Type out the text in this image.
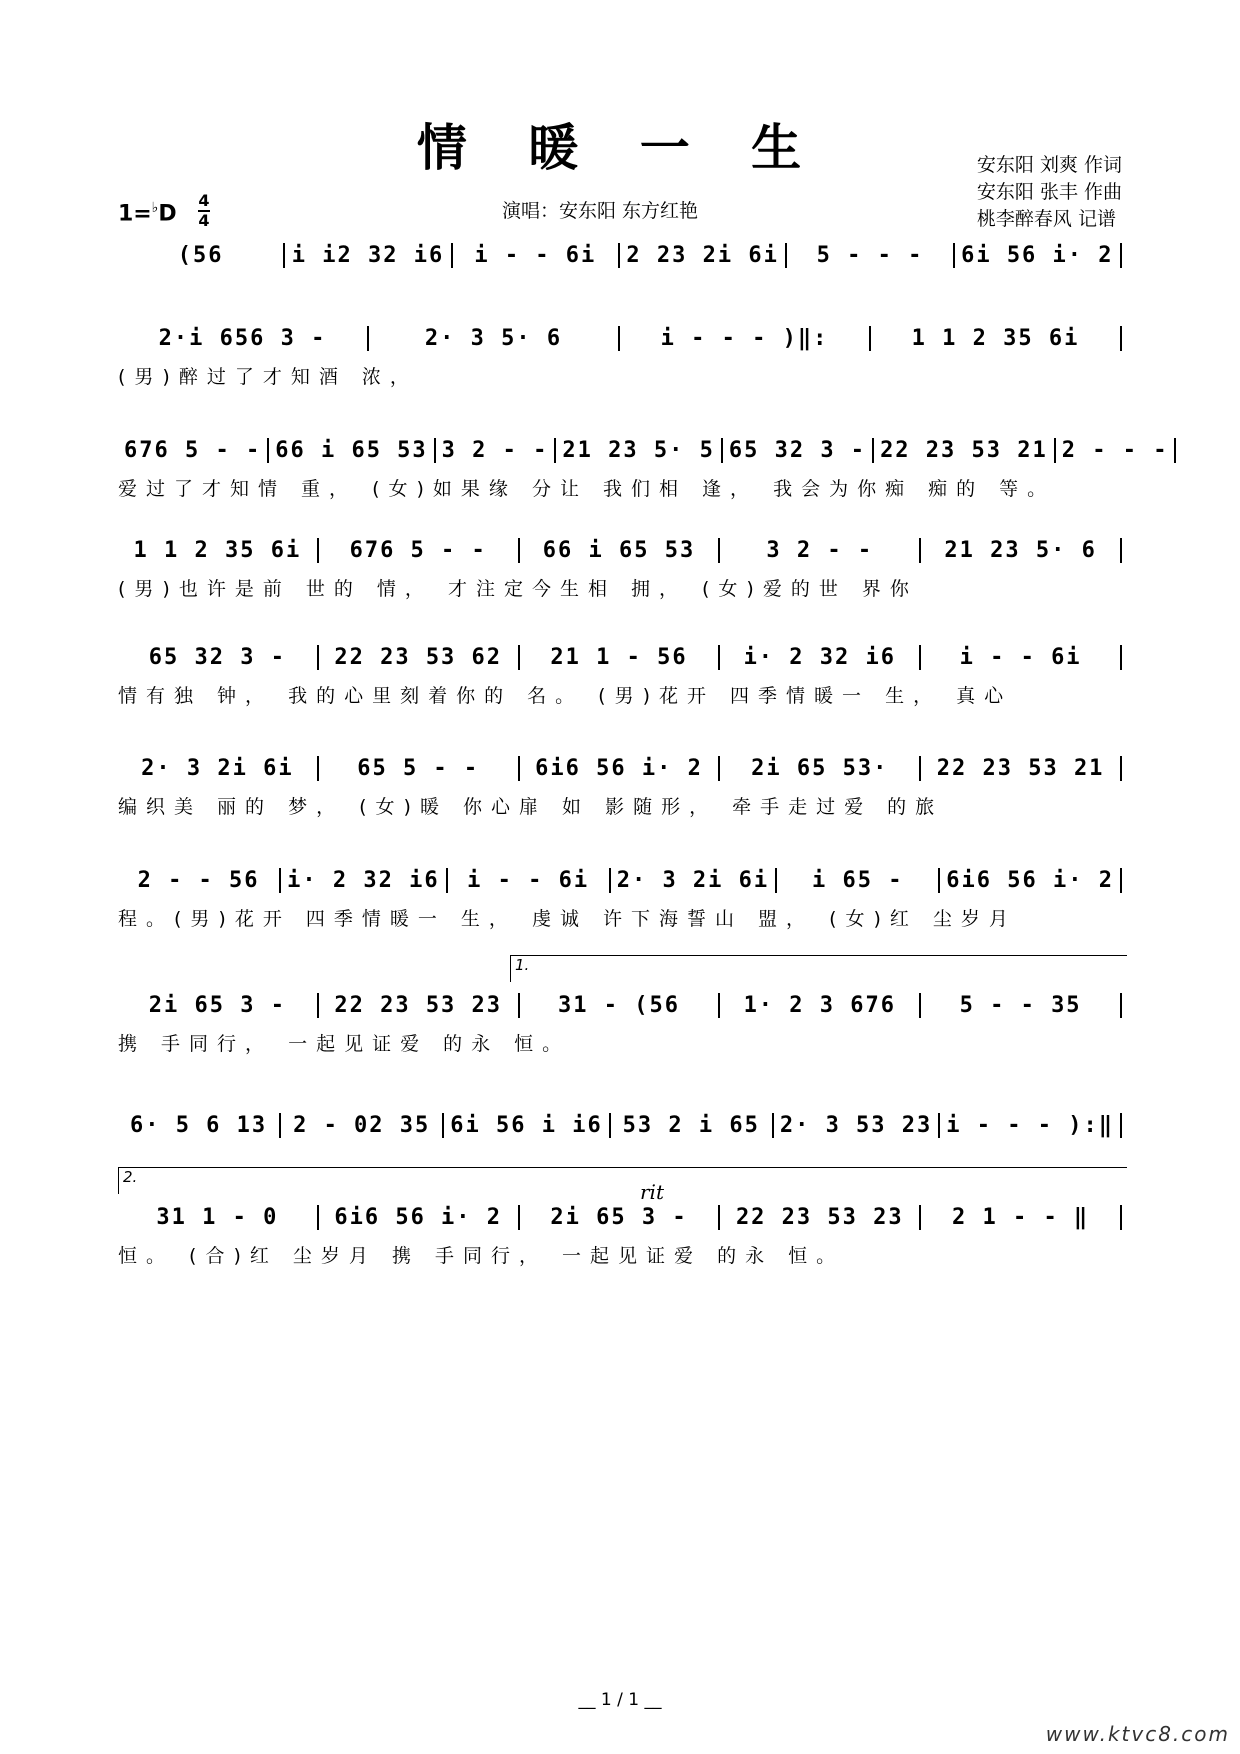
情 暖 一 生	安东阳 刘爽 作词
安东阳 张丰 作曲
桃李醉春风 记谱
1=♭D
4
4	演唱：安东阳 东方红艳
(56	i i2 32 i6	i - - 6i	2 23 2i 6i	5 - - -	6i 56 i· 2
2·i 656 3 -	2· 3 5· 6	i - - - )‖:	1 1 2 35 6i
(男)醉过了才知酒 浓，
676 5 - - 66 i 65 53 3 2 - - 21 23 5· 5 65 32 3 - 22 23 53 21 2 - - -
爱过了才知情 重， (女)如果缘 分让 我们相 逢， 我会为你痴 痴的 等。
1 1 2 35 6i	676 5 - -	66 i 65 53	3 2 - -	21 23 5· 6
(男)也许是前 世的 情， 才注定今生相 拥， (女)爱的世 界你
65 32 3 -	22 23 53 62	21 1 - 56	i· 2 32 i6	i - - 6i
情有独 钟， 我的心里刻着你的 名。 (男)花开 四季情暖一 生， 真心
2· 3 2i 6i	65 5 - -	6i6 56 i· 2	2i 65 53·	22 23 53 21
编织美 丽的 梦， (女)暖 你心扉 如 影随形， 牵手走过爱 的旅
2 - - 56	i· 2 32 i6	i - - 6i	2· 3 2i 6i	i 65 -	6i6 56 i· 2
程。(男)花开 四季情暖一 生， 虔诚 许下海誓山 盟， (女)红 尘岁月
2i 65 3 -	22 23 53 23	31 - (56	1· 2 3 676	5 - - 35
携 手同行， 一起见证爱 的永 恒。
1.
6· 5 6 13	2 - 02 35 6i 56 i i6 53 2 i 65 2· 3 53 23 i - - - ):‖
31 1 - 0	6i6 56 i· 2	2i 65 3 -	22 23 53 23	2 1 - - ‖
恒。 (合)红 尘岁月 携 手同行， 一起见证爱 的永 恒。
2.
rit
__ 1 / 1 __
www.ktvc8.com
